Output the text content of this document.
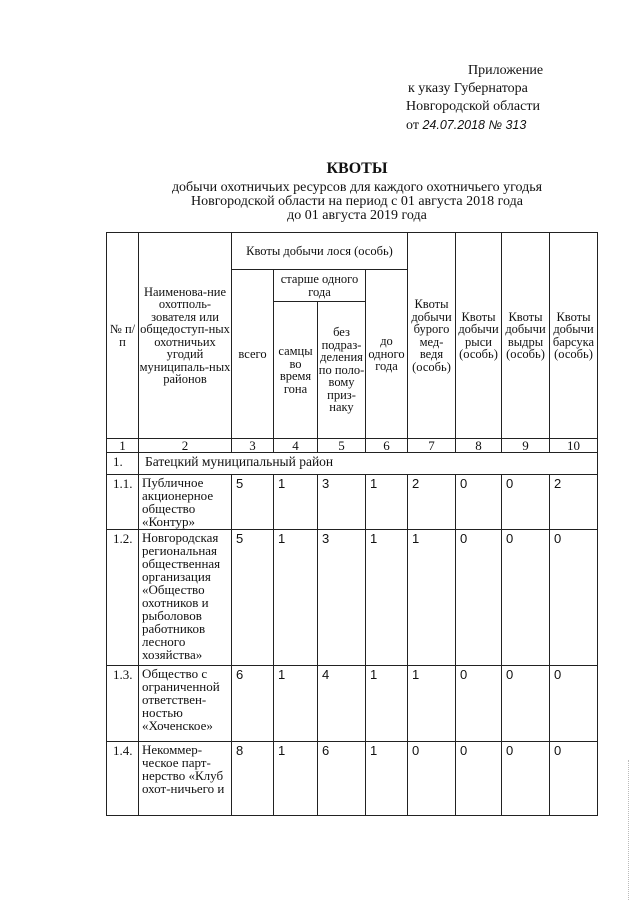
Приложение
к указу Губернатора
Новгородской области
от 24.07.2018 № 313
КВОТЫ
добычи охотничьих ресурсов для каждого охотничьего угодья
Новгородской области на период с 01 августа 2018 года
до 01 августа 2019 года
№ п/п	Наименова-ние охотполь-зователя или общедоступ-ных охотничьих угодий муниципаль-ных районов	Квоты добычи лося (особь)				Квоты добычи бурого мед-ведя (особь)	Квоты добычи рыси (особь)	Квоты добычи выдры (особь)	Квоты добычи барсука (особь)
		всего	старше одного года		до одного года				
			самцы во время гона	без подраз-деления по поло-вому приз-наку					
1	2	3	4	5	6	7	8	9	10
1.	Батецкий муниципальный район								
1.1.	Публичное акционерное общество «Контур»	5	1	3	1	2	0	0	2
1.2.	Новгородская региональная общественная организация «Общество охотников и рыболовов работников лесного хозяйства»	5	1	3	1	1	0	0	0
1.3.	Общество с ограниченной ответствен-ностью «Хоченское»	6	1	4	1	1	0	0	0
1.4.	Некоммер-ческое парт-нерство «Клуб охот-ничьего и	8	1	6	1	0	0	0	0
